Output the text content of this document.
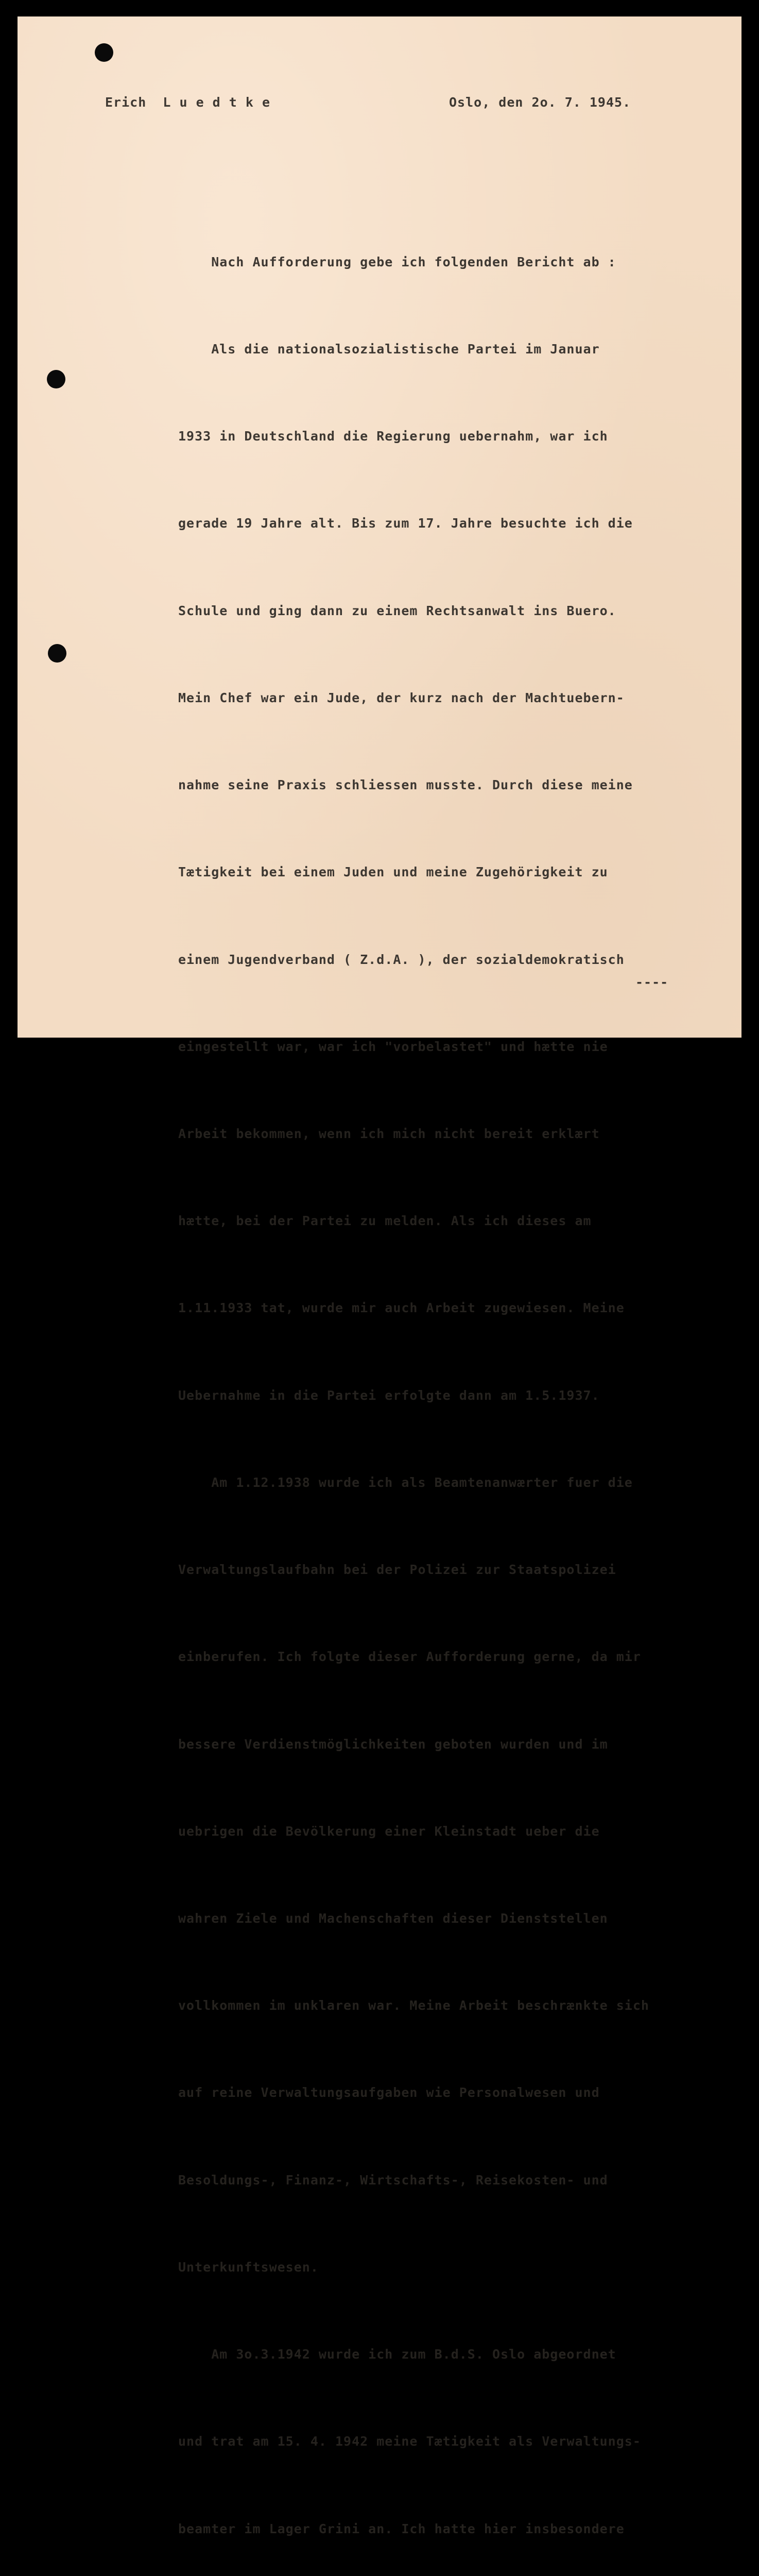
Erich  L u e d t k e	Oslo, den 2o. 7. 1945.

Nach Aufforderung gebe ich folgenden Bericht ab :

Als die nationalsozialistische Partei im Januar

1933 in Deutschland die Regierung uebernahm, war ich

gerade 19 Jahre alt. Bis zum 17. Jahre besuchte ich die

Schule und ging dann zu einem Rechtsanwalt ins Buero.

Mein Chef war ein Jude, der kurz nach der Machtuebern-

nahme seine Praxis schliessen musste. Durch diese meine

Tætigkeit bei einem Juden und meine Zugehörigkeit zu

einem Jugendverband ( Z.d.A. ), der sozialdemokratisch

eingestellt war, war ich "vorbelastet" und hætte nie

Arbeit bekommen, wenn ich mich nicht bereit erklært

hætte, bei der Partei zu melden. Als ich dieses am

1.11.1933 tat, wurde mir auch Arbeit zugewiesen. Meine

Uebernahme in die Partei erfolgte dann am 1.5.1937.

Am 1.12.1938 wurde ich als Beamtenanwærter fuer die

Verwaltungslaufbahn bei der Polizei zur Staatspolizei

einberufen. Ich folgte dieser Aufforderung gerne, da mir

bessere Verdienstmöglichkeiten geboten wurden und im

uebrigen die Bevölkerung einer Kleinstadt ueber die

wahren Ziele und Machenschaften dieser Dienststellen

vollkommen im unklaren war. Meine Arbeit beschrænkte sich

auf reine Verwaltungsaufgaben wie Personalwesen und

Besoldungs-, Finanz-, Wirtschafts-, Reisekosten- und

Unterkunftswesen.

Am 3o.3.1942 wurde ich zum B.d.S. Oslo abgeordnet

und trat am 15. 4. 1942 meine Tætigkeit als Verwaltungs-

beamter im Lager Grini an. Ich hatte hier insbesondere

----
